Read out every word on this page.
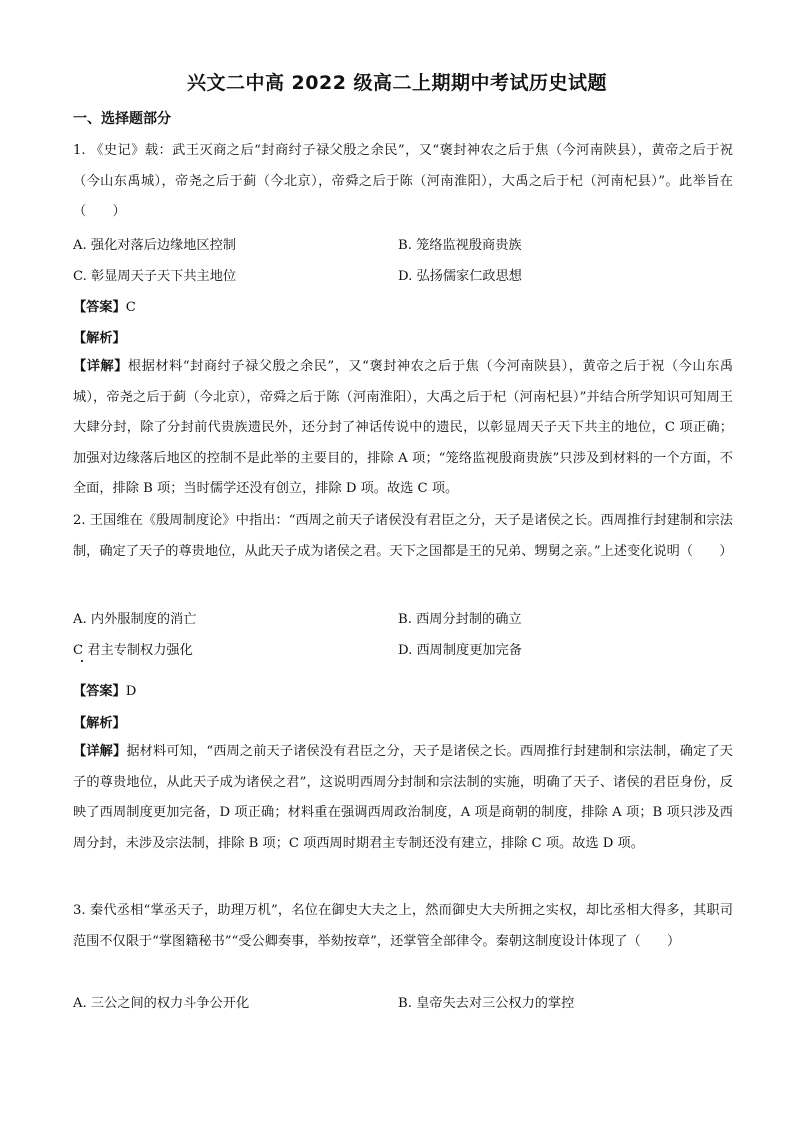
兴文二中高 2022 级高二上期期中考试历史试题
一、选择题部分
1. 《史记》载：武王灭商之后“封商纣子禄父殷之余民”，又“褒封神农之后于焦（今河南陕县），黄帝之后于祝（今山东禹城），帝尧之后于蓟（今北京），帝舜之后于陈（河南淮阳），大禹之后于杞（河南杞县）”。此举旨在 （　　）
A. 强化对落后边缘地区控制	B. 笼络监视殷商贵族
C. 彰显周天子天下共主地位	D. 弘扬儒家仁政思想
【答案】C
【解析】
【详解】根据材料“封商纣子禄父殷之余民”，又“褒封神农之后于焦（今河南陕县），黄帝之后于祝（今山东禹城），帝尧之后于蓟（今北京），帝舜之后于陈（河南淮阳），大禹之后于杞（河南杞县）”并结合所学知识可知周王大肆分封，除了分封前代贵族遗民外，还分封了神话传说中的遗民，以彰显周天子天下共主的地位，C 项正确；加强对边缘落后地区的控制不是此举的主要目的，排除 A 项；“笼络监视殷商贵族”只涉及到材料的一个方面，不全面，排除 B 项；当时儒学还没有创立，排除 D 项。故选 C 项。
2. 王国维在《殷周制度论》中指出：“西周之前天子诸侯没有君臣之分，天子是诸侯之长。西周推行封建制和宗法制，确定了天子的尊贵地位，从此天子成为诸侯之君。天下之国都是王的兄弟、甥舅之亲。”上述变化说明（　　）
A. 内外服制度的消亡	B. 西周分封制的确立
C 君主专制权力强化	D. 西周制度更加完备
【答案】D
【解析】
【详解】据材料可知，“西周之前天子诸侯没有君臣之分，天子是诸侯之长。西周推行封建制和宗法制，确定了天子的尊贵地位，从此天子成为诸侯之君”，这说明西周分封制和宗法制的实施，明确了天子、诸侯的君臣身份，反映了西周制度更加完备，D 项正确；材料重在强调西周政治制度，A 项是商朝的制度，排除 A 项；B 项只涉及西周分封，未涉及宗法制，排除 B 项；C 项西周时期君主专制还没有建立，排除 C 项。故选 D 项。
3. 秦代丞相“掌丞天子，助理万机”，名位在御史大夫之上，然而御史大夫所拥之实权，却比丞相大得多，其职司范围不仅限于“掌图籍秘书”“受公卿奏事，举劾按章”，还掌管全部律令。秦朝这制度设计体现了（　　）
A. 三公之间的权力斗争公开化	B. 皇帝失去对三公权力的掌控
